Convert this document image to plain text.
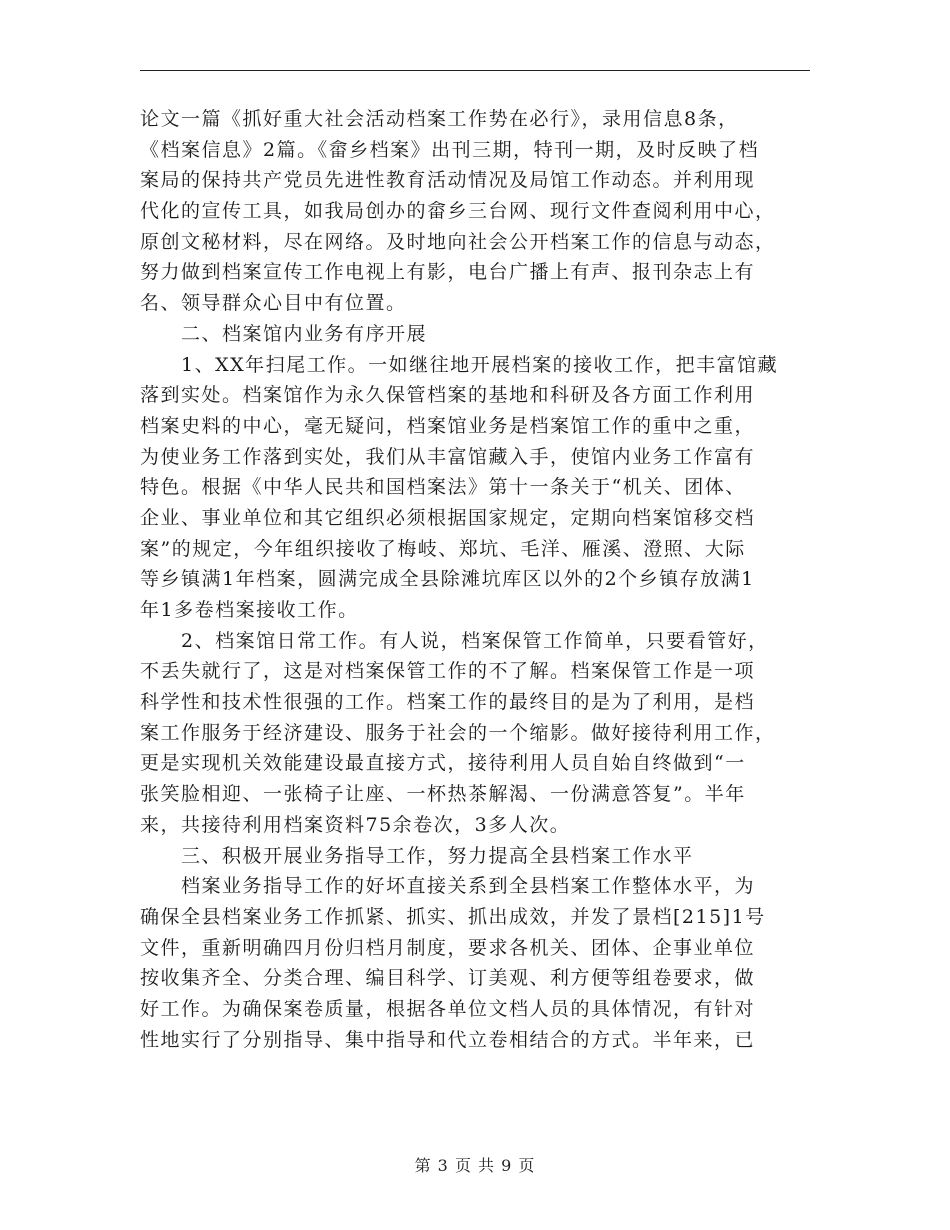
论文一篇《抓好重大社会活动档案工作势在必行》，录用信息8条，
《档案信息》2篇。《畲乡档案》出刊三期，特刊一期，及时反映了档
案局的保持共产党员先进性教育活动情况及局馆工作动态。并利用现
代化的宣传工具，如我局创办的畲乡三台网、现行文件查阅利用中心，
原创文秘材料，尽在网络。及时地向社会公开档案工作的信息与动态，
努力做到档案宣传工作电视上有影，电台广播上有声、报刊杂志上有
名、领导群众心目中有位置。
　　二、档案馆内业务有序开展
　　1、XX年扫尾工作。一如继往地开展档案的接收工作，把丰富馆藏
落到实处。档案馆作为永久保管档案的基地和科研及各方面工作利用
档案史料的中心，毫无疑问，档案馆业务是档案馆工作的重中之重，
为使业务工作落到实处，我们从丰富馆藏入手，使馆内业务工作富有
特色。根据《中华人民共和国档案法》第十一条关于“机关、团体、
企业、事业单位和其它组织必须根据国家规定，定期向档案馆移交档
案”的规定，今年组织接收了梅岐、郑坑、毛洋、雁溪、澄照、大际
等乡镇满1年档案，圆满完成全县除滩坑库区以外的2个乡镇存放满1
年1多卷档案接收工作。
　　2、档案馆日常工作。有人说，档案保管工作简单，只要看管好，
不丢失就行了，这是对档案保管工作的不了解。档案保管工作是一项
科学性和技术性很强的工作。档案工作的最终目的是为了利用，是档
案工作服务于经济建设、服务于社会的一个缩影。做好接待利用工作，
更是实现机关效能建设最直接方式，接待利用人员自始自终做到“一
张笑脸相迎、一张椅子让座、一杯热茶解渴、一份满意答复”。半年
来，共接待利用档案资料75余卷次，3多人次。
　　三、积极开展业务指导工作，努力提高全县档案工作水平
　　档案业务指导工作的好坏直接关系到全县档案工作整体水平，为
确保全县档案业务工作抓紧、抓实、抓出成效，并发了景档[215]1号
文件，重新明确四月份归档月制度，要求各机关、团体、企事业单位
按收集齐全、分类合理、编目科学、订美观、利方便等组卷要求，做
好工作。为确保案卷质量，根据各单位文档人员的具体情况，有针对
性地实行了分别指导、集中指导和代立卷相结合的方式。半年来，已
第 3 页 共 9 页
